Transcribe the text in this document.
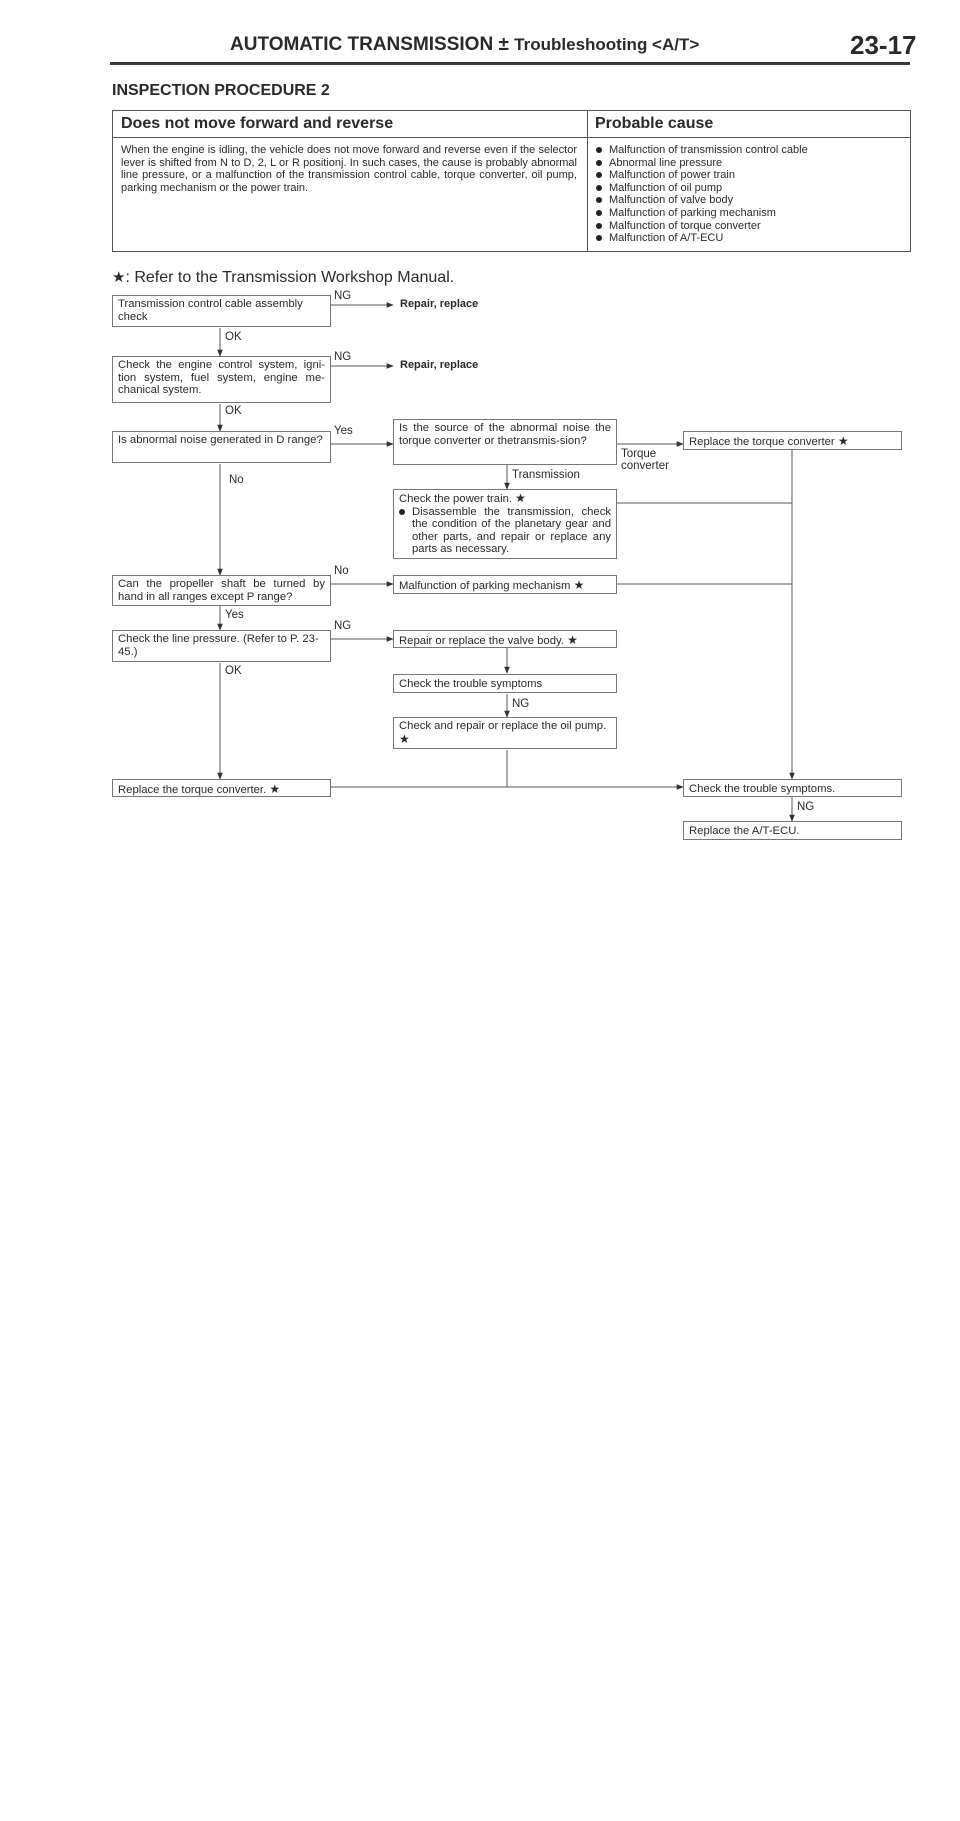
AUTOMATIC TRANSMISSION ± Troubleshooting <A/T>	23-17
INSPECTION PROCEDURE 2
Does not move forward and reverse	Probable cause
When the engine is idling, the vehicle does not move forward and reverse even if the selector lever is shifted from N to D, 2, L or R positionj. In such cases, the cause is probably abnormal line pressure, or a malfunction of the transmission control cable, torque converter, oil pump, parking mechanism or the power train.
Malfunction of transmission control cable
Abnormal line pressure
Malfunction of power train
Malfunction of oil pump
Malfunction of valve body
Malfunction of parking mechanism
Malfunction of torque converter
Malfunction of A/T-ECU
★: Refer to the Transmission Workshop Manual.
Transmission control cable assembly check
Check the engine control system, igni-tion system, fuel system, engine me-chanical system.
Is abnormal noise generated in D range?
Is the source of the abnormal noise the torque converter or thetransmis-sion?	Replace the torque converter ★
Check the power train. ★
Disassemble the transmission, check the condition of the planetary gear and other parts, and repair or replace any parts as necessary.
Can the propeller shaft be turned by hand in all ranges except P range?
Malfunction of parking mechanism ★
Check the line pressure. (Refer to P. 23-45.)
Repair or replace the valve body. ★
Check the trouble symptoms
Check and repair or replace the oil pump. ★
Replace the torque converter. ★	Check the trouble symptoms.
Replace the A/T-ECU.
NG
Repair, replace
OK
NG
Repair, replace
OK
Yes
Torque converter
Transmission
No
No
Yes
NG
OK
NG
NG
